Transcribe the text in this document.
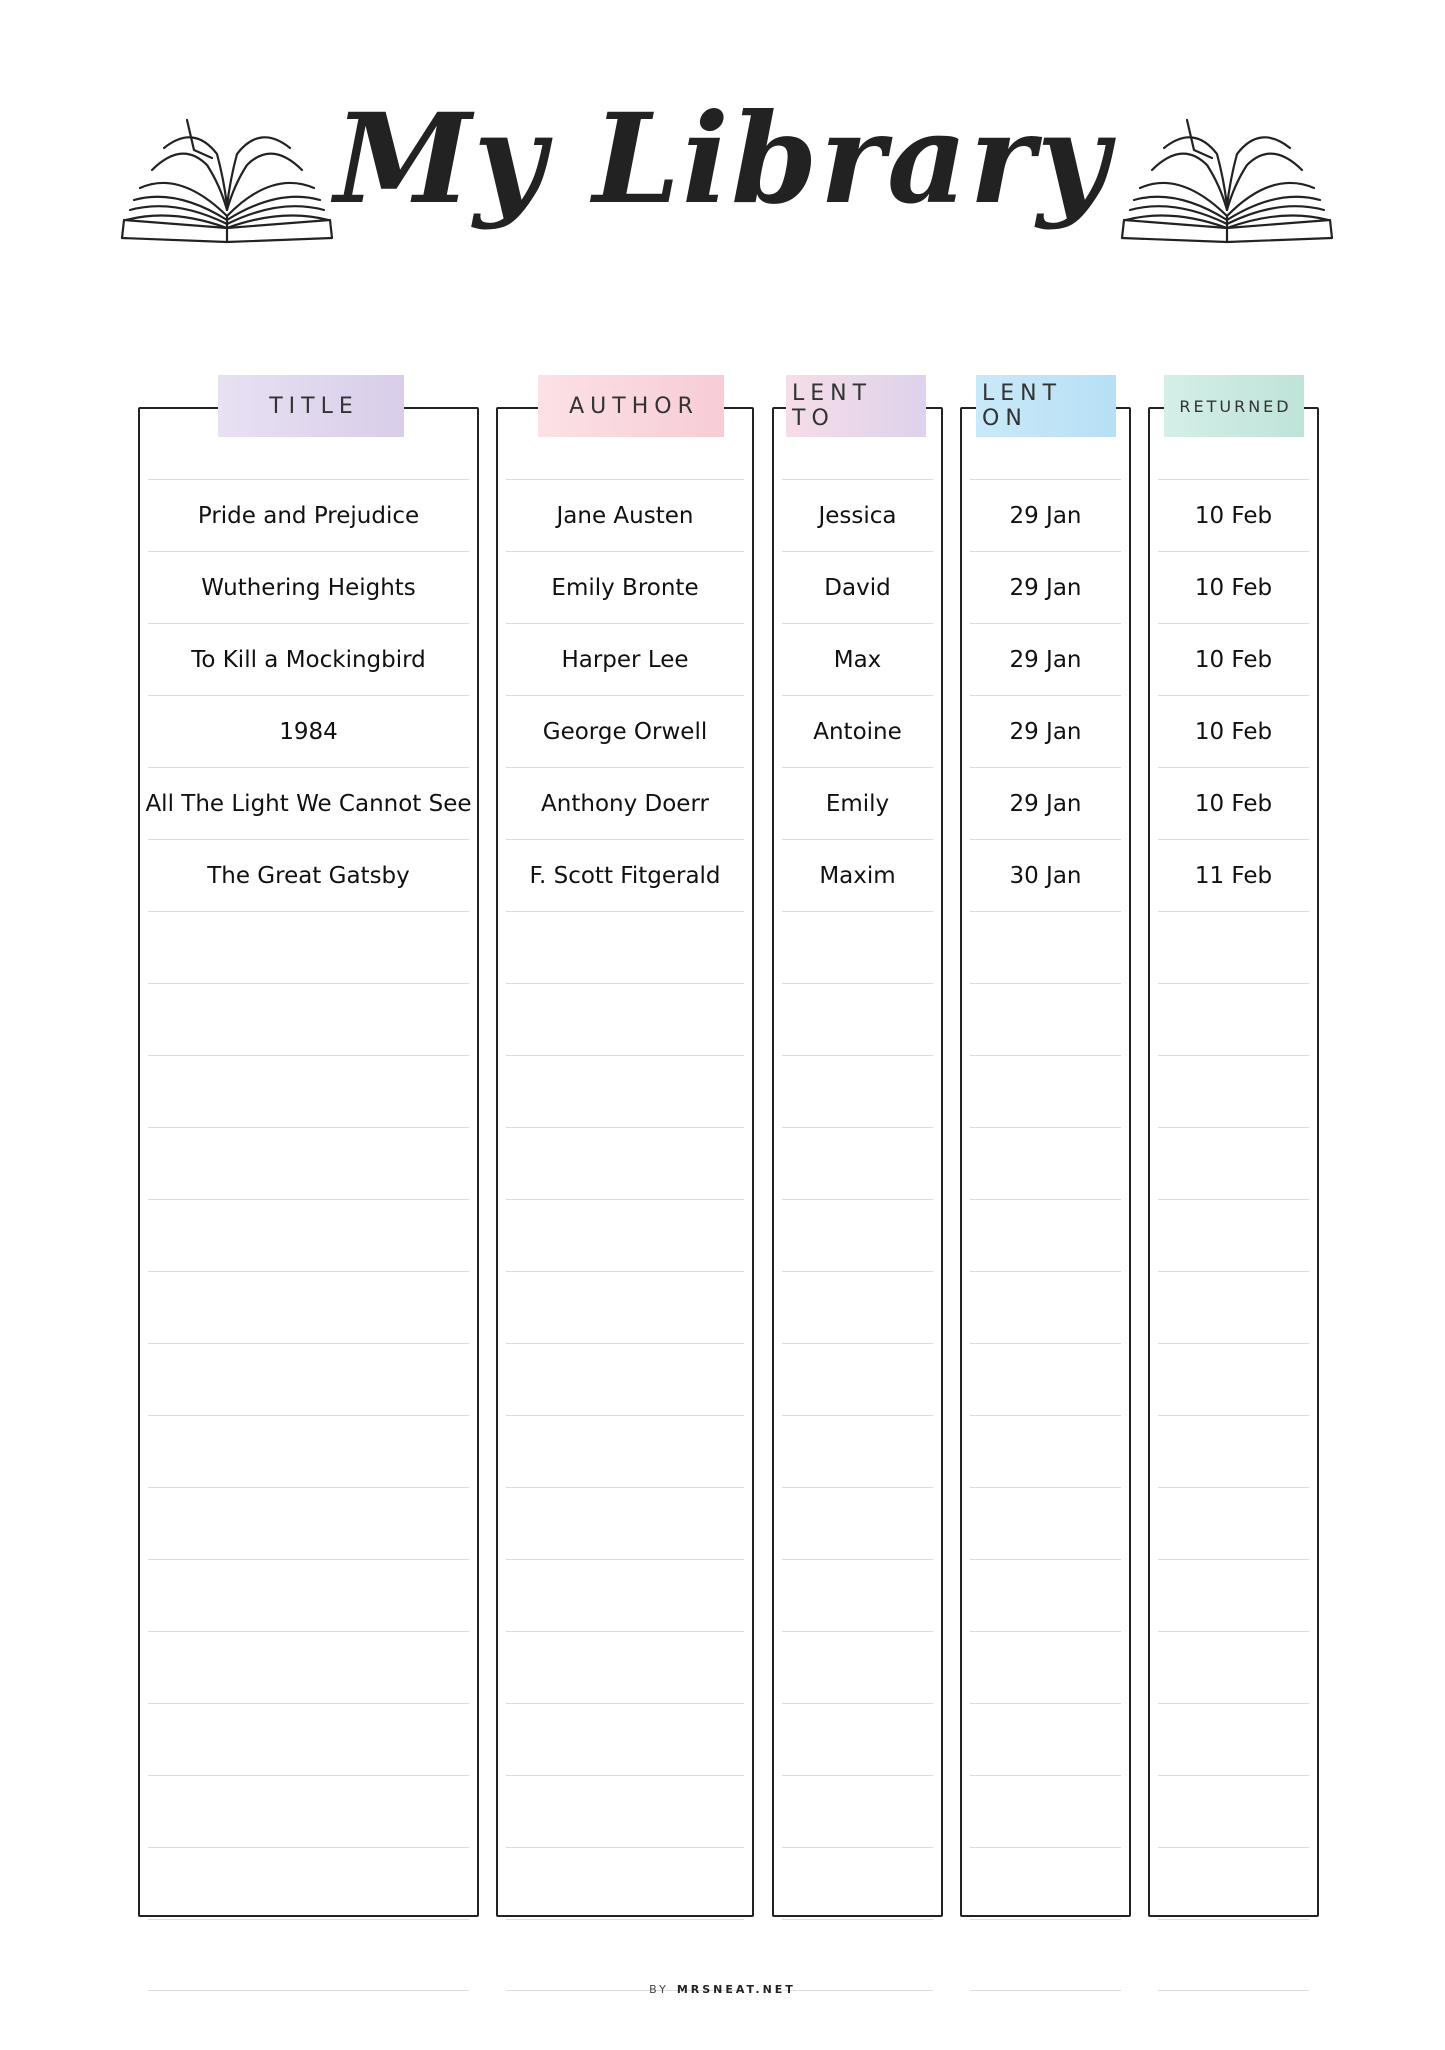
My Library
TITLE
Pride and Prejudice
Wuthering Heights
To Kill a Mockingbird
1984
All The Light We Cannot See
The Great Gatsby
AUTHOR
Jane Austen
Emily Bronte
Harper Lee
George Orwell
Anthony Doerr
F. Scott Fitgerald
LENT TO
Jessica
David
Max
Antoine
Emily
Maxim
LENT ON
29 Jan
29 Jan
29 Jan
29 Jan
29 Jan
30 Jan
RETURNED
10 Feb
10 Feb
10 Feb
10 Feb
10 Feb
11 Feb
BY MRSNEAT.NET
